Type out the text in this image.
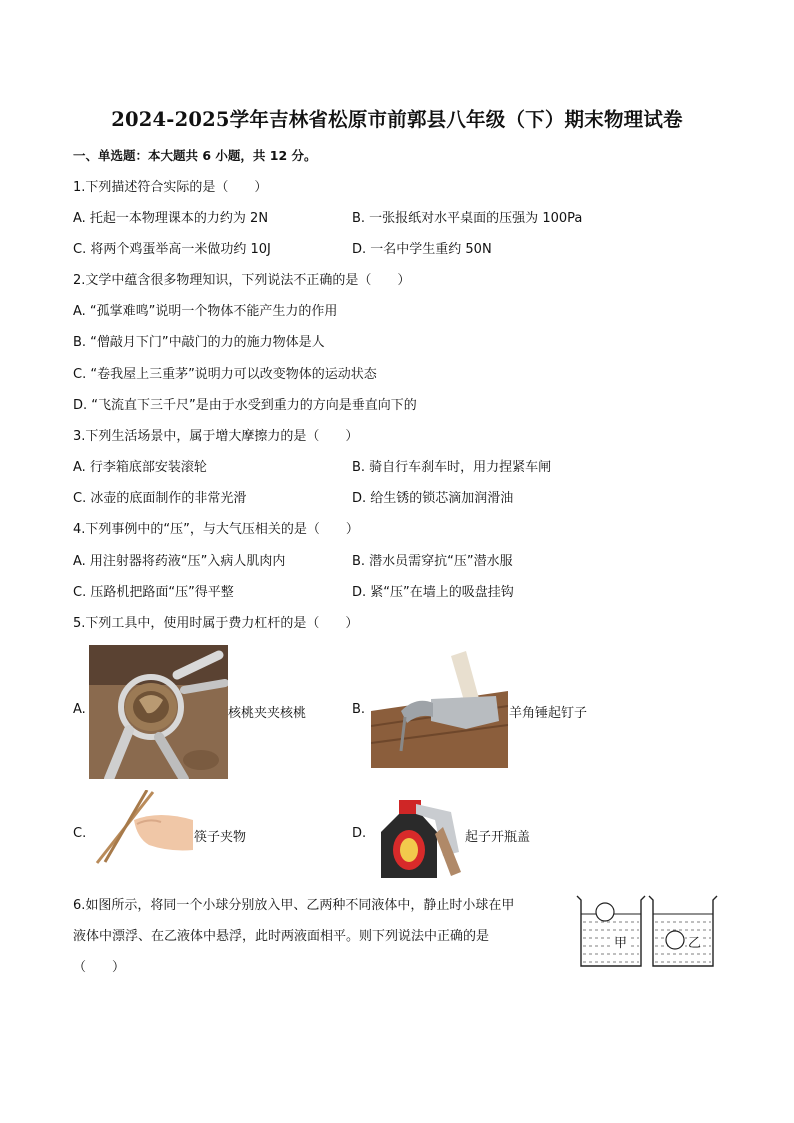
2024-2025学年吉林省松原市前郭县八年级（下）期末物理试卷
一、单选题：本大题共 6 小题，共 12 分。
1.下列描述符合实际的是（　　）
A. 托起一本物理课本的力约为 2N	B. 一张报纸对水平桌面的压强为 100Pa
C. 将两个鸡蛋举高一米做功约 10J	D. 一名中学生重约 50N
2.文学中蕴含很多物理知识，下列说法不正确的是（　　）
A. “孤掌难鸣”说明一个物体不能产生力的作用
B. “僧敲月下门”中敲门的力的施力物体是人
C. “卷我屋上三重茅”说明力可以改变物体的运动状态
D. “飞流直下三千尺”是由于水受到重力的方向是垂直向下的
3.下列生活场景中，属于增大摩擦力的是（　　）
A. 行李箱底部安装滚轮	B. 骑自行车刹车时，用力捏紧车闸
C. 冰壶的底面制作的非常光滑	D. 给生锈的锁芯滴加润滑油
4.下列事例中的“压”，与大气压相关的是（　　）
A. 用注射器将药液“压”入病人肌肉内	B. 潜水员需穿抗“压”潜水服
C. 压路机把路面“压”得平整	D. 紧“压”在墙上的吸盘挂钩
5.下列工具中，使用时属于费力杠杆的是（　　）
A.	核桃夹夹核桃	B.	羊角锤起钉子
C.	筷子夹物	D.	起子开瓶盖
6.如图所示，将同一个小球分别放入甲、乙两种不同液体中，静止时小球在甲
液体中漂浮、在乙液体中悬浮，此时两液面相平。则下列说法中正确的是
（　　）
甲	乙
